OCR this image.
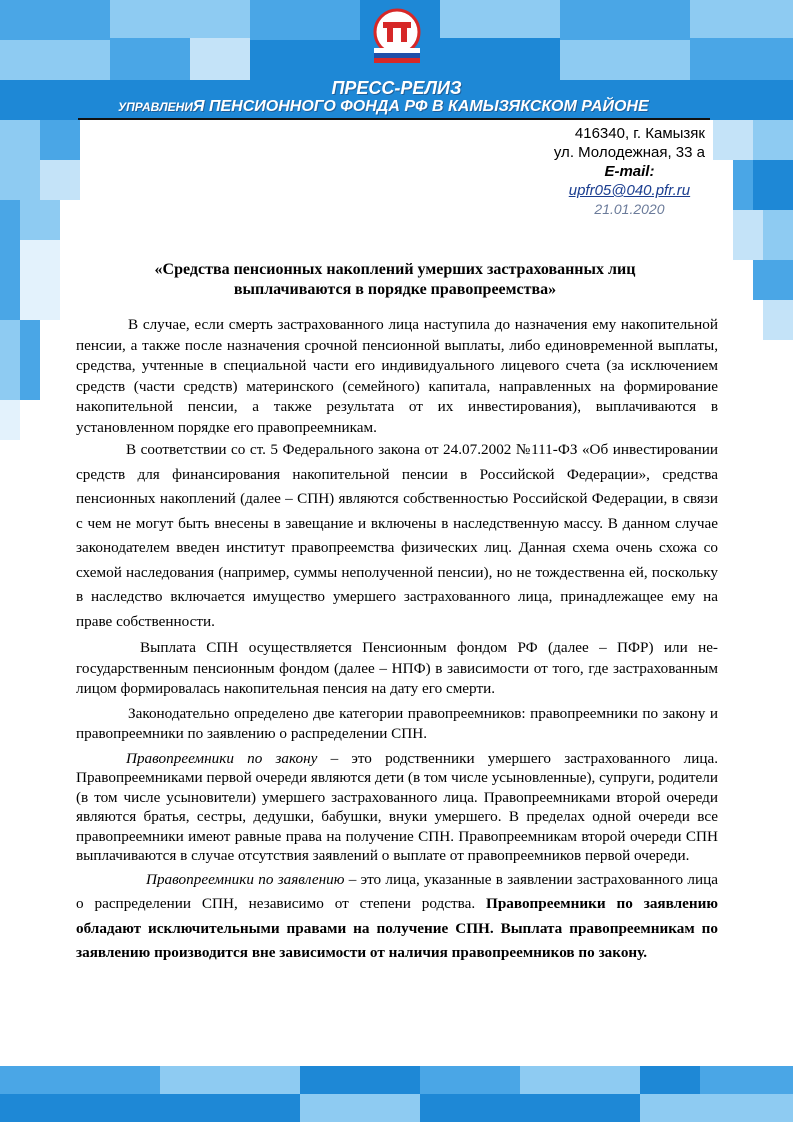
ПРЕСС-РЕЛИЗ
УПРАВЛЕНИЯ ПЕНСИОННОГО ФОНДА РФ В КАМЫЗЯКСКОМ РАЙОНЕ
416340, г. Камызяк
ул. Молодежная, 33 а
E-mail:
upfr05@040.pfr.ru
21.01.2020
«Средства пенсионных накоплений умерших застрахованных лиц
выплачиваются в порядке правопреемства»

В случае, если смерть застрахованного лица наступила до назначения ему накопительной пенсии, а также после назначения срочной пенсионной выплаты, либо единовременной выплаты, средства, учтенные в специальной части его индивидуального лицевого счета (за исключением средств (части средств) материнского (семейного) капитала, направленных на формирование накопительной пенсии, а также результата от их инвестирования), выплачиваются в установленном порядке его правопреемникам.

В соответствии со ст. 5 Федерального закона от 24.07.2002 №111-ФЗ «Об инвестировании средств для финансирования накопительной пенсии в Российской Федерации», средства пенсионных накоплений (далее – СПН) являются собственностью Российской Федерации, в связи с чем не могут быть внесены в завещание и включены в наследственную массу. В данном случае законодателем введен институт правопреемства физических лиц. Данная схема очень схожа со схемой наследования (например, суммы неполученной пенсии), но не тождественна ей, поскольку в наследство включается имущество умершего застрахованного лица, принадлежащее ему на праве собственности.

Выплата СПН осуществляется Пенсионным фондом РФ (далее – ПФР) или не-государственным пенсионным фондом (далее – НПФ) в зависимости от того, где застрахованным лицом формировалась накопительная пенсия на дату его смерти.

Законодательно определено две категории правопреемников: правопреемники по закону и правопреемники по заявлению о распределении СПН.

Правопреемники по закону – это родственники умершего застрахованного лица. Правопреемниками первой очереди являются дети (в том числе усыновленные), супруги, родители (в том числе усыновители) умершего застрахованного лица. Правопреемниками второй очереди являются братья, сестры, дедушки, бабушки, внуки умершего. В пределах одной очереди все правопреемники имеют равные права на получение СПН. Правопреемникам второй очереди СПН выплачиваются в случае отсутствия заявлений о выплате от правопреемников первой очереди.

Правопреемники по заявлению – это лица, указанные в заявлении застрахованного лица о распределении СПН, независимо от степени родства. Правопреемники по заявлению обладают исключительными правами на получение СПН. Выплата правопреемникам по заявлению производится вне зависимости от наличия правопреемников по закону.
